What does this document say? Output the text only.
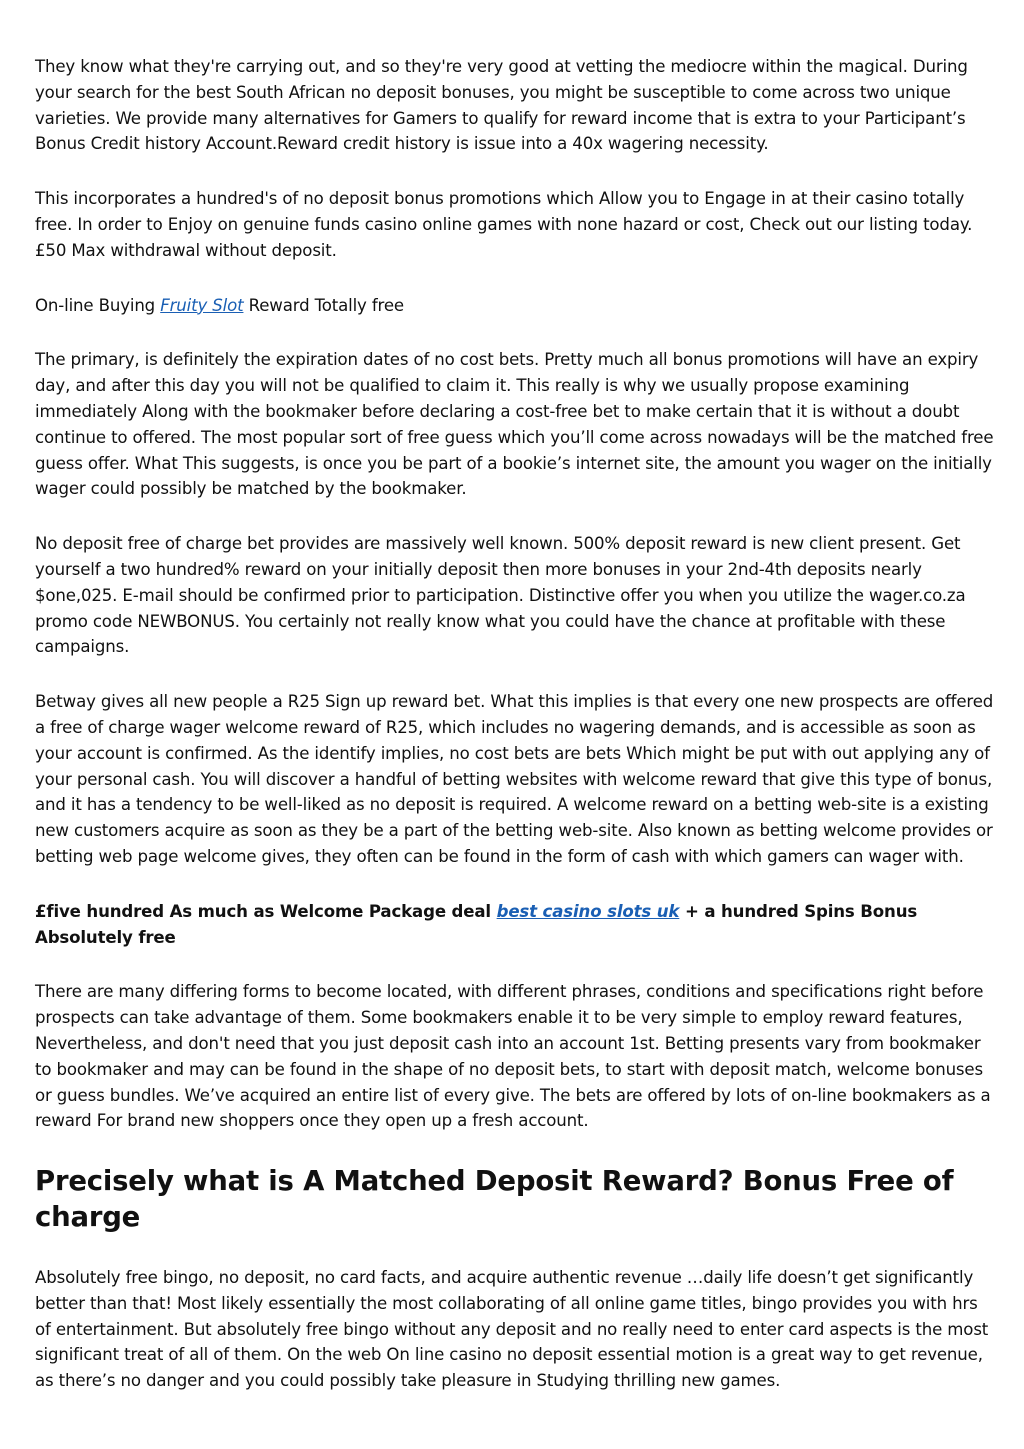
They know what they're carrying out, and so they're very good at vetting the mediocre within the magical. During your search for the best South African no deposit bonuses, you might be susceptible to come across two unique varieties. We provide many alternatives for Gamers to qualify for reward income that is extra to your Participant’s Bonus Credit history Account.Reward credit history is issue into a 40x wagering necessity.

This incorporates a hundred's of no deposit bonus promotions which Allow you to Engage in at their casino totally free. In order to Enjoy on genuine funds casino online games with none hazard or cost, Check out our listing today. £50 Max withdrawal without deposit.

On-line Buying Fruity Slot Reward Totally free

The primary, is definitely the expiration dates of no cost bets. Pretty much all bonus promotions will have an expiry day, and after this day you will not be qualified to claim it. This really is why we usually propose examining immediately Along with the bookmaker before declaring a cost-free bet to make certain that it is without a doubt continue to offered. The most popular sort of free guess which you’ll come across nowadays will be the matched free guess offer. What This suggests, is once you be part of a bookie’s internet site, the amount you wager on the initially wager could possibly be matched by the bookmaker.

No deposit free of charge bet provides are massively well known. 500% deposit reward is new client present. Get yourself a two hundred% reward on your initially deposit then more bonuses in your 2nd-4th deposits nearly $one,025. E-mail should be confirmed prior to participation. Distinctive offer you when you utilize the wager.co.za promo code NEWBONUS. You certainly not really know what you could have the chance at profitable with these campaigns.

Betway gives all new people a R25 Sign up reward bet. What this implies is that every one new prospects are offered a free of charge wager welcome reward of R25, which includes no wagering demands, and is accessible as soon as your account is confirmed. As the identify implies, no cost bets are bets Which might be put with out applying any of your personal cash. You will discover a handful of betting websites with welcome reward that give this type of bonus, and it has a tendency to be well-liked as no deposit is required. A welcome reward on a betting web-site is a existing new customers acquire as soon as they be a part of the betting web-site. Also known as betting welcome provides or betting web page welcome gives, they often can be found in the form of cash with which gamers can wager with.

£five hundred As much as Welcome Package deal best casino slots uk + a hundred Spins Bonus Absolutely free

There are many differing forms to become located, with different phrases, conditions and specifications right before prospects can take advantage of them. Some bookmakers enable it to be very simple to employ reward features, Nevertheless, and don't need that you just deposit cash into an account 1st. Betting presents vary from bookmaker to bookmaker and may can be found in the shape of no deposit bets, to start with deposit match, welcome bonuses or guess bundles. We’ve acquired an entire list of every give. The bets are offered by lots of on-line bookmakers as a reward For brand new shoppers once they open up a fresh account.

Precisely what is A Matched Deposit Reward? Bonus Free of charge

Absolutely free bingo, no deposit, no card facts, and acquire authentic revenue …daily life doesn’t get significantly better than that! Most likely essentially the most collaborating of all online game titles, bingo provides you with hrs of entertainment. But absolutely free bingo without any deposit and no really need to enter card aspects is the most significant treat of all of them. On the web On line casino no deposit essential motion is a great way to get revenue, as there’s no danger and you could possibly take pleasure in Studying thrilling new games.
